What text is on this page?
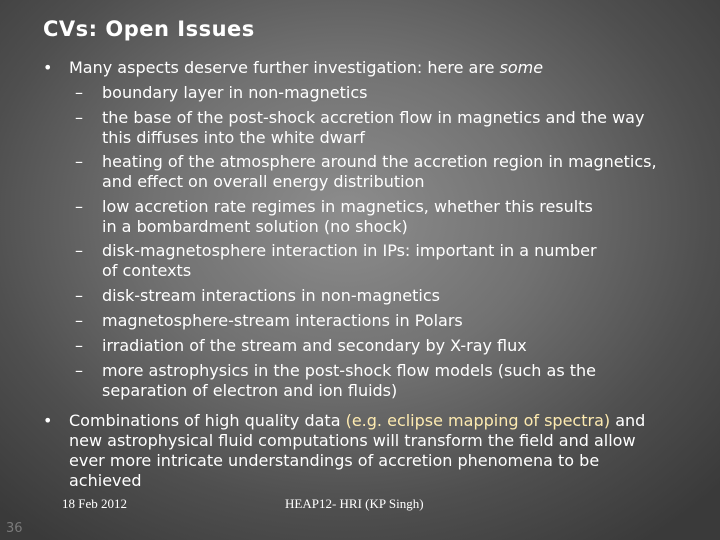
CVs: Open Issues
• Many aspects deserve further investigation: here are some
– boundary layer in non-magnetics
– the base of the post-shock accretion flow in magnetics and the way this diffuses into the white dwarf
– heating of the atmosphere around the accretion region in magnetics, and effect on overall energy distribution
– low accretion rate regimes in magnetics, whether this results in a bombardment solution (no shock)
– disk-magnetosphere interaction in IPs: important in a number of contexts
– disk-stream interactions in non-magnetics
– magnetosphere-stream interactions in Polars
– irradiation of the stream and secondary by X-ray flux
– more astrophysics in the post-shock flow models (such as the separation of electron and ion fluids)
• Combinations of high quality data (e.g. eclipse mapping of spectra) and new astrophysical fluid computations will transform the field and allow ever more intricate understandings of accretion phenomena to be achieved
18 Feb 2012	HEAP12- HRI (KP Singh)
36
